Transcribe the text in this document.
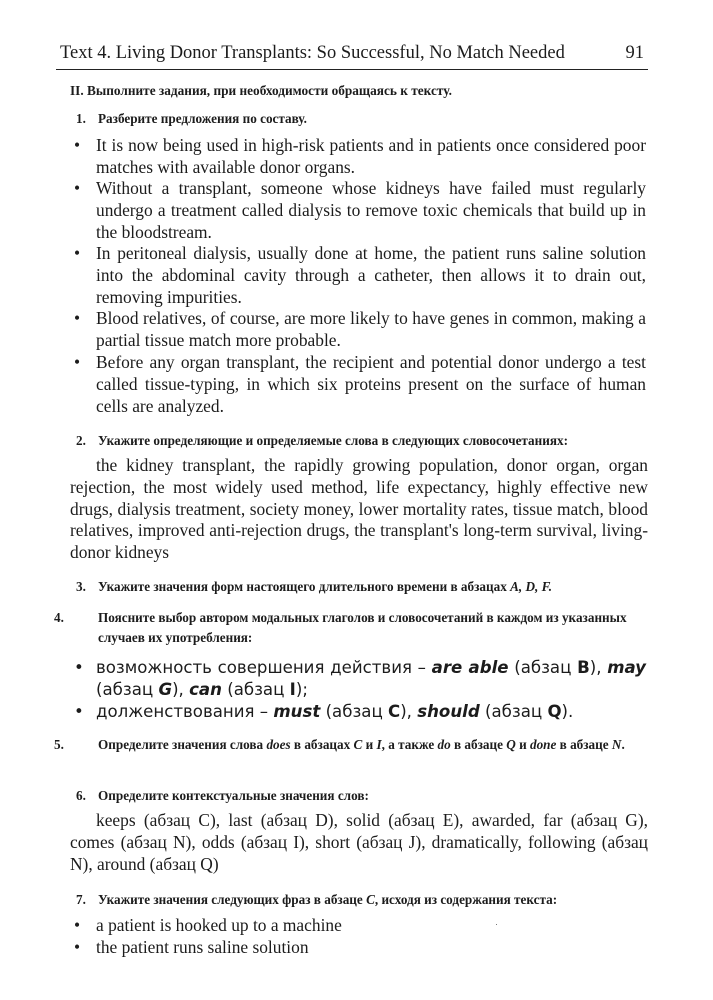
Text 4. Living Donor Transplants: So Successful, No Match Needed	91
II. Выполните задания, при необходимости обращаясь к тексту.
1. Разберите предложения по составу.
• It is now being used in high-risk patients and in patients once considered poor matches with available donor organs.
• Without a transplant, someone whose kidneys have failed must regularly undergo a treatment called dialysis to remove toxic chemicals that build up in the bloodstream.
• In peritoneal dialysis, usually done at home, the patient runs saline solution into the abdominal cavity through a catheter, then allows it to drain out, removing impurities.
• Blood relatives, of course, are more likely to have genes in common, making a partial tissue match more probable.
• Before any organ transplant, the recipient and potential donor undergo a test called tissue-typing, in which six proteins present on the surface of human cells are analyzed.
2. Укажите определяющие и определяемые слова в следующих словосочетаниях:
the kidney transplant, the rapidly growing population, donor organ, organ rejection, the most widely used method, life expectancy, highly effective new drugs, dialysis treatment, society money, lower mortality rates, tissue match, blood relatives, improved anti-rejection drugs, the transplant's long-term survival, living-donor kidneys
3. Укажите значения форм настоящего длительного времени в абзацах A, D, F.
4.	Поясните выбор автором модальных глаголов и словосочетаний в каждом из указанных случаев их употребления:
• возможность совершения действия – are able (абзац B), may (абзац G), can (абзац I);
• долженствования – must (абзац C), should (абзац Q).
5.	Определите значения слова does в абзацах C и I, а также do в абзаце Q и done в абзаце N.
6. Определите контекстуальные значения слов:
keeps (абзац C), last (абзац D), solid (абзац E), awarded, far (абзац G), comes (абзац N), odds (абзац I), short (абзац J), dramatically, following (абзац N), around (абзац Q)
7. Укажите значения следующих фраз в абзаце C, исходя из содержания текста:
• a patient is hooked up to a machine
• the patient runs saline solution
